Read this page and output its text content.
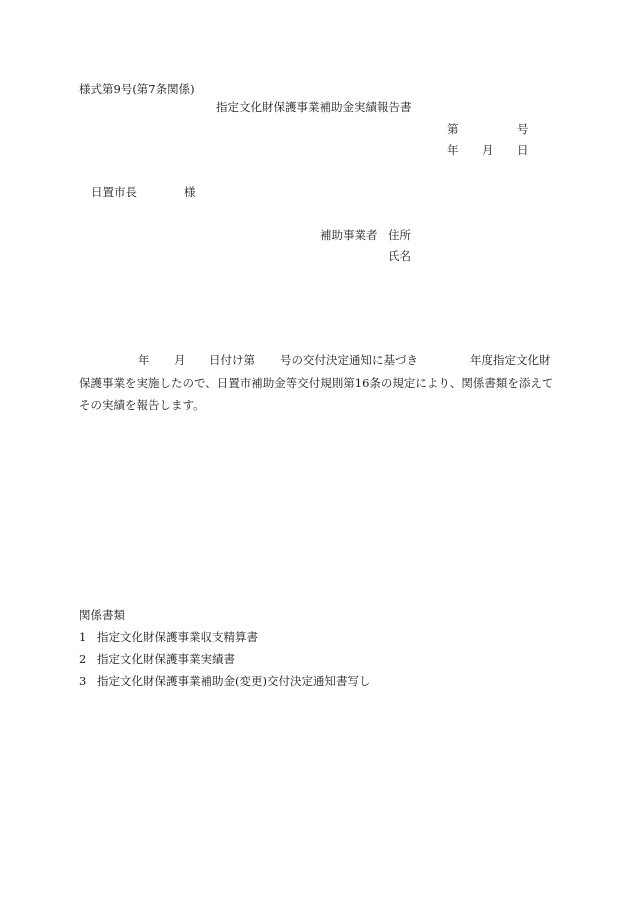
様式第9号(第7条関係)
指定文化財保護事業補助金実績報告書
第	号
年 月 日
日置市長	様
補助事業者 住所
氏名
年 月 日付け第 号の交付決定通知に基づき	年度指定文化財
保護事業を実施したので、日置市補助金等交付規則第16条の規定により、関係書類を添えて
その実績を報告します。
関係書類
1 指定文化財保護事業収支精算書
2 指定文化財保護事業実績書
3 指定文化財保護事業補助金(変更)交付決定通知書写し
